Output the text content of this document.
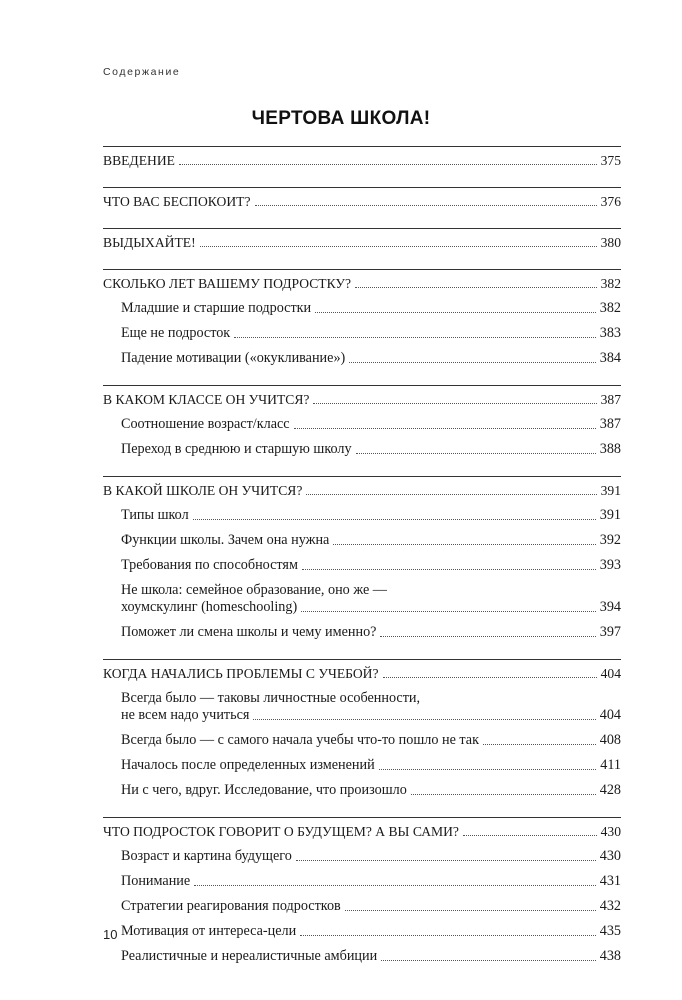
Содержание
ЧЕРТОВА ШКОЛА!
ВВЕДЕНИЕ	375
ЧТО ВАС БЕСПОКОИТ?	376
ВЫДЫХАЙТЕ!	380
СКОЛЬКО ЛЕТ ВАШЕМУ ПОДРОСТКУ?	382
Младшие и старшие подростки	382
Еще не подросток	383
Падение мотивации («окукливание»)	384
В КАКОМ КЛАССЕ ОН УЧИТСЯ?	387
Соотношение возраст/класс	387
Переход в среднюю и старшую школу	388
В КАКОЙ ШКОЛЕ ОН УЧИТСЯ?	391
Типы школ	391
Функции школы. Зачем она нужна	392
Требования по способностям	393
Не школа: семейное образование, оно же —
хоумскулинг (homeschooling)	394
Поможет ли смена школы и чему именно?	397
КОГДА НАЧАЛИСЬ ПРОБЛЕМЫ С УЧЕБОЙ?	404
Всегда было — таковы личностные особенности,
не всем надо учиться	404
Всегда было — с самого начала учебы что-то пошло не так	408
Началось после определенных изменений	411
Ни с чего, вдруг. Исследование, что произошло	428
ЧТО ПОДРОСТОК ГОВОРИТ О БУДУЩЕМ? А ВЫ САМИ?	430
Возраст и картина будущего	430
Понимание	431
Стратегии реагирования подростков	432
Мотивация от интереса-цели	435
Реалистичные и нереалистичные амбиции	438
10
